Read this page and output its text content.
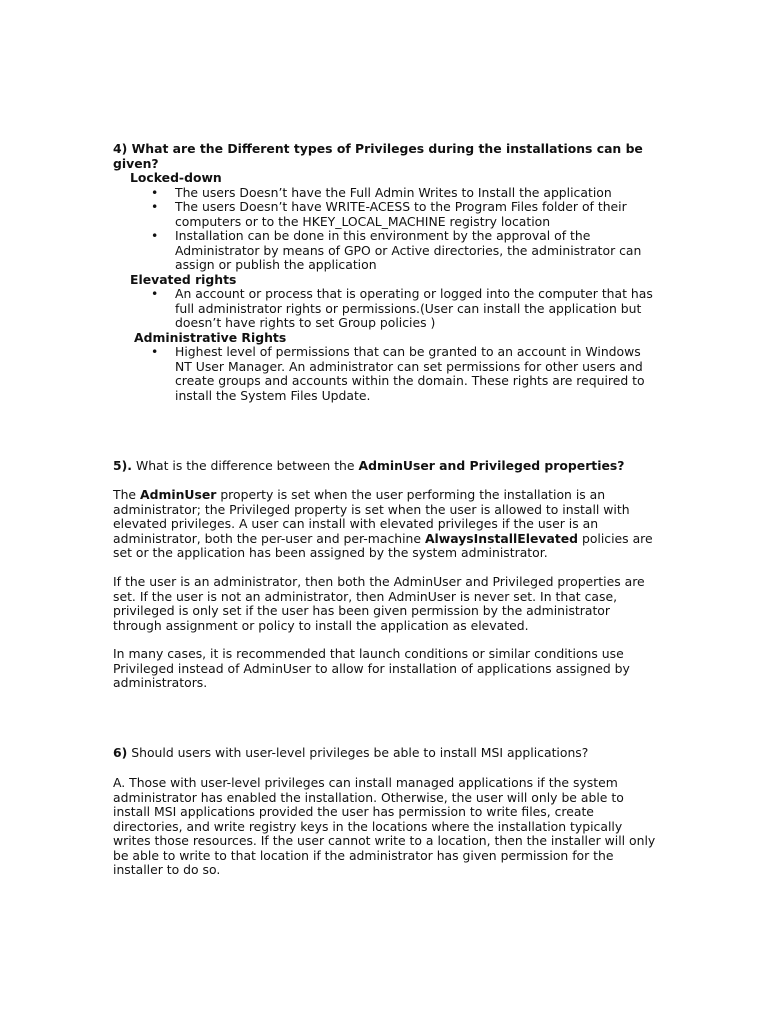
4) What are the Different types of Privileges during the installations can be given?
Locked-down
• The users Doesn’t have the Full Admin Writes to Install the application
• The users Doesn’t have WRITE-ACESS to the Program Files folder of their computers or to the HKEY_LOCAL_MACHINE registry location
• Installation can be done in this environment by the approval of the Administrator by means of GPO or Active directories, the administrator can assign or publish the application
Elevated rights
• An account or process that is operating or logged into the computer that has full administrator rights or permissions.(User can install the application but doesn’t have rights to set Group policies )
Administrative Rights
• Highest level of permissions that can be granted to an account in Windows NT User Manager. An administrator can set permissions for other users and create groups and accounts within the domain. These rights are required to install the System Files Update.

5). What is the difference between the AdminUser and Privileged properties?

The AdminUser property is set when the user performing the installation is an administrator; the Privileged property is set when the user is allowed to install with elevated privileges. A user can install with elevated privileges if the user is an administrator, both the per-user and per-machine AlwaysInstallElevated policies are set or the application has been assigned by the system administrator.

If the user is an administrator, then both the AdminUser and Privileged properties are set. If the user is not an administrator, then AdminUser is never set. In that case, privileged is only set if the user has been given permission by the administrator through assignment or policy to install the application as elevated.

In many cases, it is recommended that launch conditions or similar conditions use Privileged instead of AdminUser to allow for installation of applications assigned by administrators.

6) Should users with user-level privileges be able to install MSI applications?

A. Those with user-level privileges can install managed applications if the system administrator has enabled the installation. Otherwise, the user will only be able to install MSI applications provided the user has permission to write files, create directories, and write registry keys in the locations where the installation typically writes those resources. If the user cannot write to a location, then the installer will only be able to write to that location if the administrator has given permission for the installer to do so.
